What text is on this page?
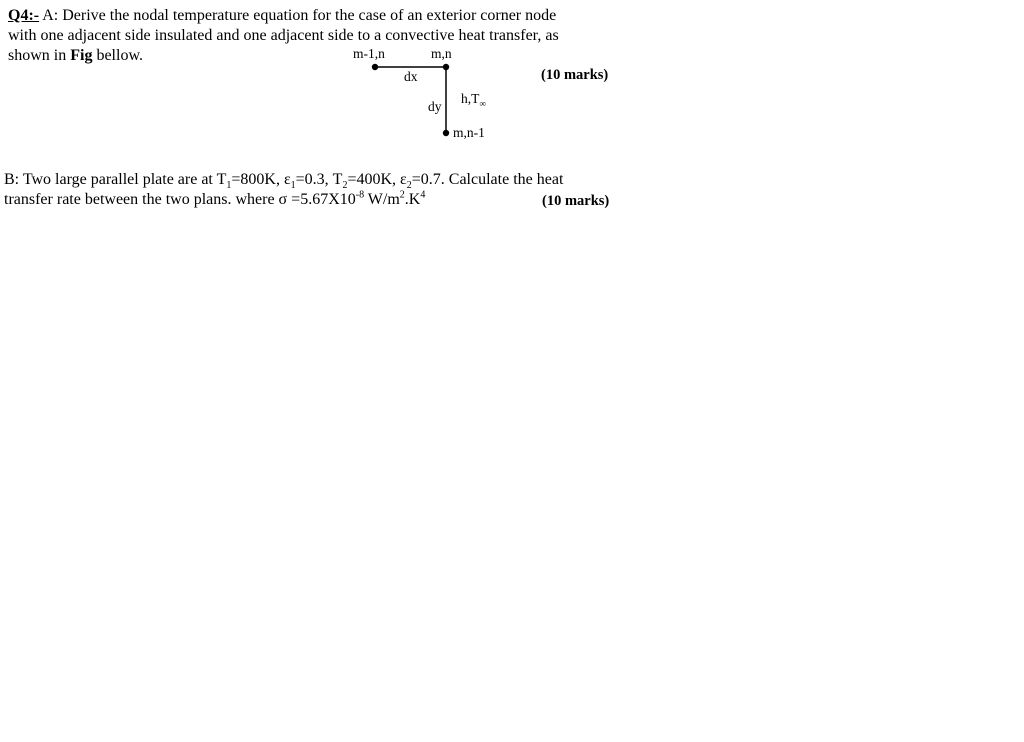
Q4:- A: Derive the nodal temperature equation for the case of an exterior corner node
with one adjacent side insulated and one adjacent side to a convective heat transfer, as
shown in Fig bellow.
(10 marks)
m-1,n	m,n
dx
dy
$h,T_\infty$
m,n-1
B: Two large parallel plate are at $T_1=800K$, $\varepsilon_1=0.3$, $T_2=400K$, $\varepsilon_2=0.7$. Calculate the heat
transfer rate between the two plans. where $\sigma =5.67X10^{-8}$ $W/m^2.K^4$	(10 marks)
